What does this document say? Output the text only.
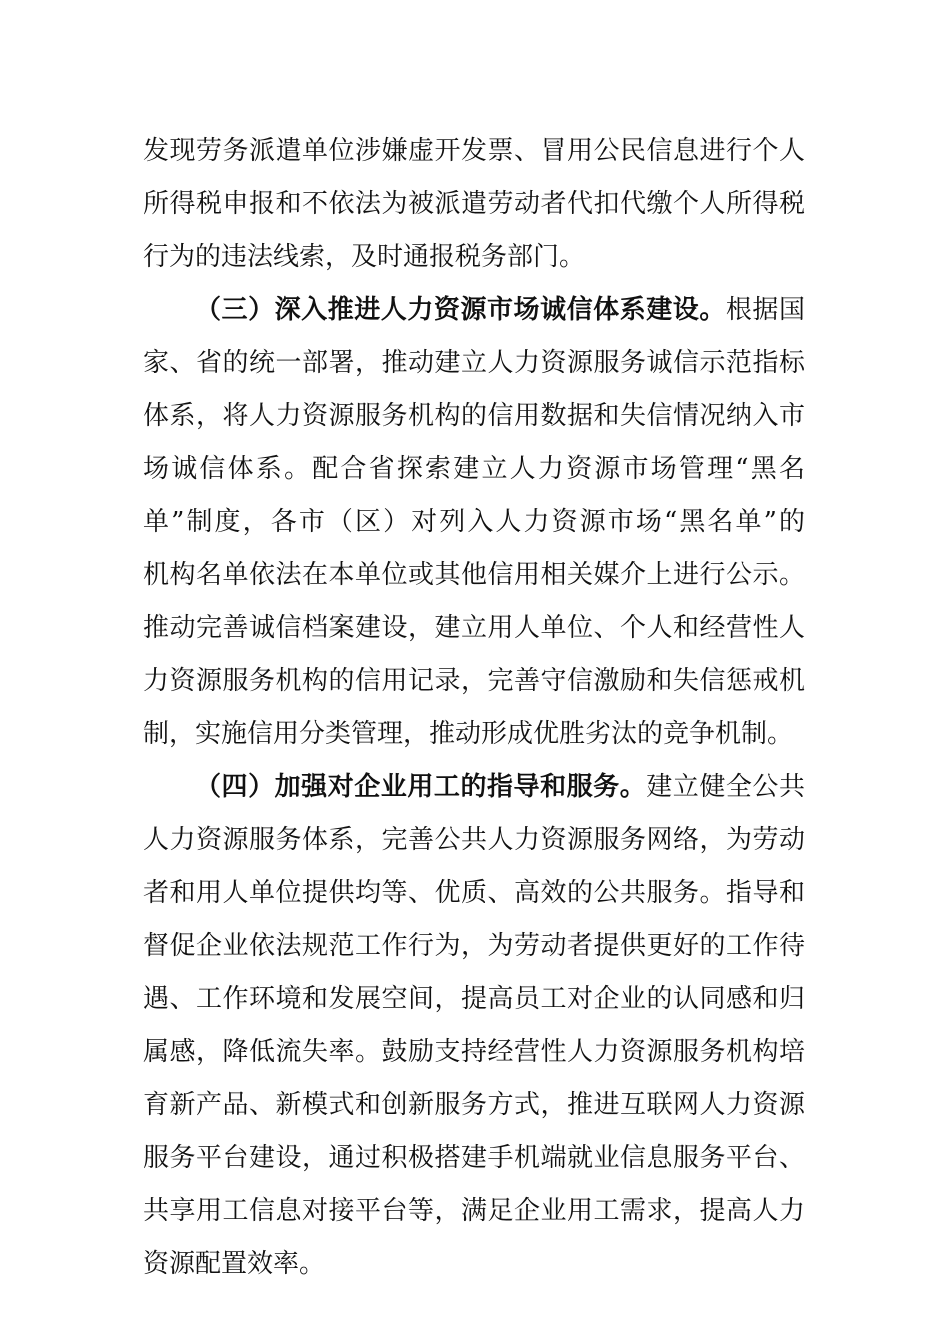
发现劳务派遣单位涉嫌虚开发票、冒用公民信息进行个人
所得税申报和不依法为被派遣劳动者代扣代缴个人所得税
行为的违法线索，及时通报税务部门。
（三）深入推进人力资源市场诚信体系建设。根据国
家、省的统一部署，推动建立人力资源服务诚信示范指标
体系，将人力资源服务机构的信用数据和失信情况纳入市
场诚信体系。配合省探索建立人力资源市场管理“黑名
单”制度，各市（区）对列入人力资源市场“黑名单”的
机构名单依法在本单位或其他信用相关媒介上进行公示。
推动完善诚信档案建设，建立用人单位、个人和经营性人
力资源服务机构的信用记录，完善守信激励和失信惩戒机
制，实施信用分类管理，推动形成优胜劣汰的竞争机制。
（四）加强对企业用工的指导和服务。建立健全公共
人力资源服务体系，完善公共人力资源服务网络，为劳动
者和用人单位提供均等、优质、高效的公共服务。指导和
督促企业依法规范工作行为，为劳动者提供更好的工作待
遇、工作环境和发展空间，提高员工对企业的认同感和归
属感，降低流失率。鼓励支持经营性人力资源服务机构培
育新产品、新模式和创新服务方式，推进互联网人力资源
服务平台建设，通过积极搭建手机端就业信息服务平台、
共享用工信息对接平台等，满足企业用工需求，提高人力
资源配置效率。
